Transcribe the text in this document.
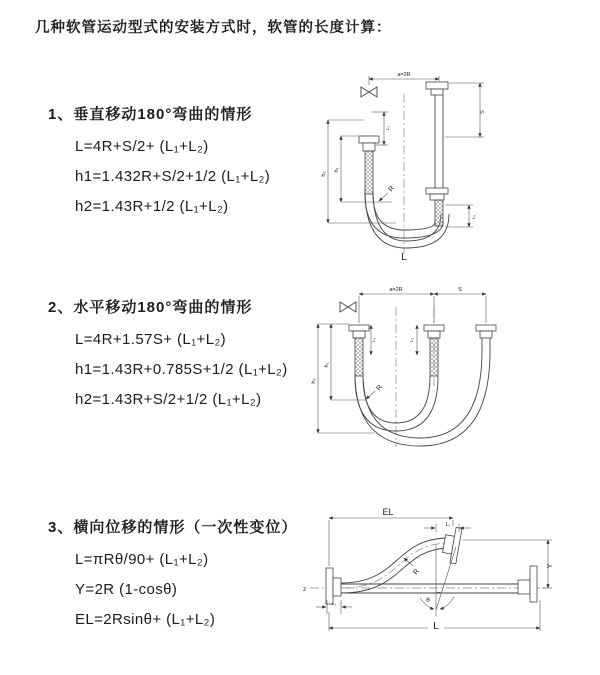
几种软管运动型式的安装方式时，软管的长度计算：
1、垂直移动180°弯曲的情形
L=4R+S/2+ (L₁+L₂)
h1=1.432R+S/2+1/2 (L₁+L₂)
h2=1.43R+1/2 (L₁+L₂)
2、水平移动180°弯曲的情形
L=4R+1.57S+ (L₁+L₂)
h1=1.43R+0.785S+1/2 (L₁+L₂)
h2=1.43R+S/2+1/2 (L₁+L₂)
3、横向位移的情形（一次性变位）
L=πRθ/90+ (L₁+L₂)
Y=2R (1-cosθ)
EL=2Rsinθ+ (L₁+L₂)
a=2R
h₂
h₁
L₁
S
L₂
R
L
a=2R	S
h₂
h₁
L₁	L₂
R
z
θ
R
EL
L₂
Y
L
L₁
